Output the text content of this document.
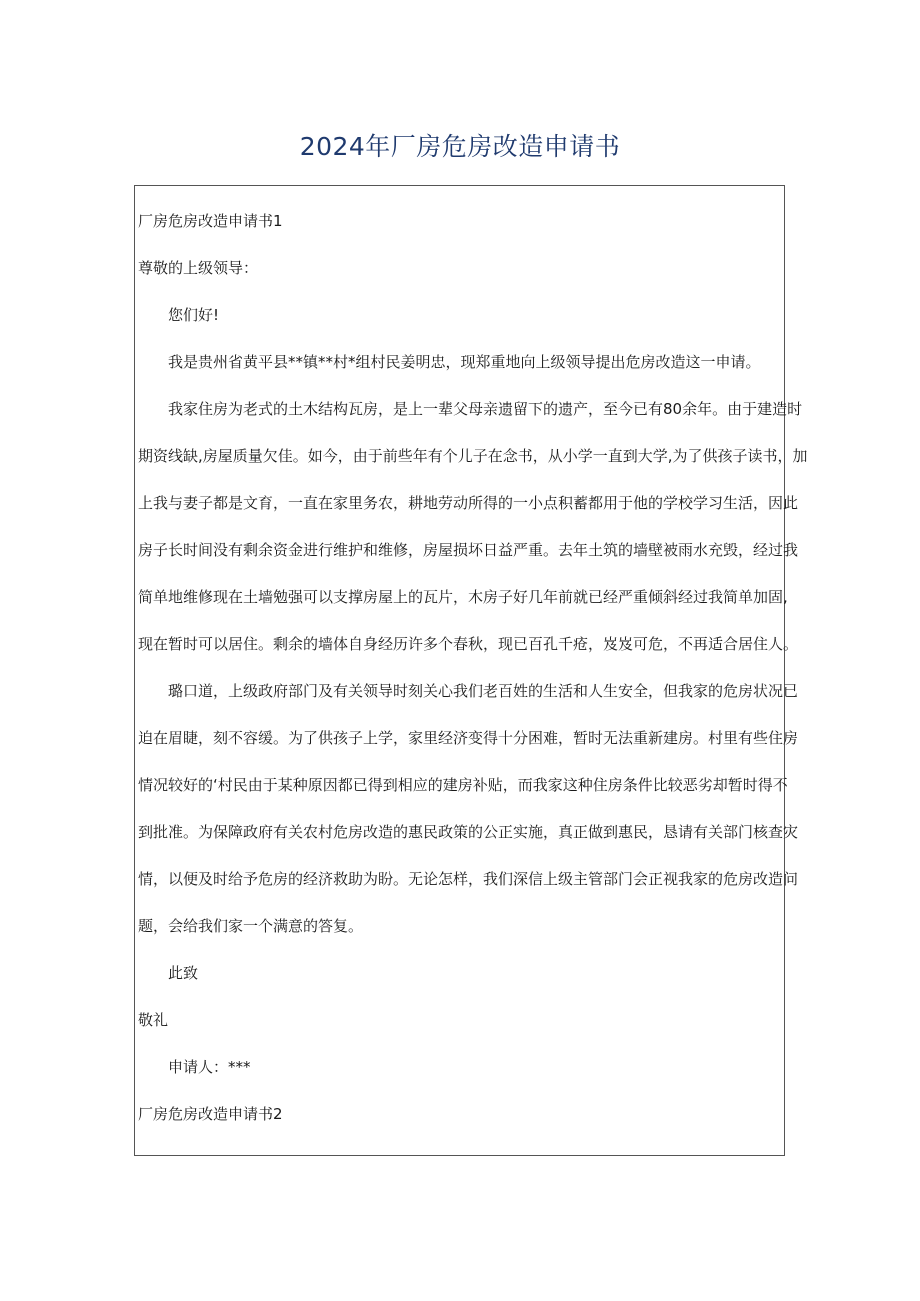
2024年厂房危房改造申请书
厂房危房改造申请书1
尊敬的上级领导：
您们好!
我是贵州省黄平县**镇**村*组村民姜明忠，现郑重地向上级领导提出危房改造这一申请。
我家住房为老式的土木结构瓦房，是上一辈父母亲遗留下的遗产，至今已有80余年。由于建造时
期资线缺,房屋质量欠佳。如今，由于前些年有个儿子在念书，从小学一直到大学,为了供孩子读书，加
上我与妻子都是文育，一直在家里务农，耕地劳动所得的一小点积蓄都用于他的学校学习生活，因此
房子长时间没有剩余资金进行维护和维修，房屋损坏日益严重。去年土筑的墙壁被雨水充毁，经过我
简单地维修现在土墙勉强可以支撑房屋上的瓦片，木房子好几年前就已经严重倾斜经过我简单加固,
现在暂时可以居住。剩余的墙体自身经历许多个春秋，现已百孔千疮，岌岌可危，不再适合居住人。
璐口道，上级政府部门及有关领导时刻关心我们老百姓的生活和人生安全，但我家的危房状况已
迫在眉睫，刻不容缓。为了供孩子上学，家里经济变得十分困难，暂时无法重新建房。村里有些住房
情况较好的‘村民由于某种原因都已得到相应的建房补贴，而我家这种住房条件比较恶劣却暂时得不
到批准。为保障政府有关农村危房改造的惠民政策的公正实施，真正做到惠民，恳请有关部门核查灾
情，以便及时给予危房的经济救助为盼。无论怎样，我们深信上级主管部门会正视我家的危房改造问
题，会给我们家一个满意的答复。
此致
敬礼
申请人：***
厂房危房改造申请书2
